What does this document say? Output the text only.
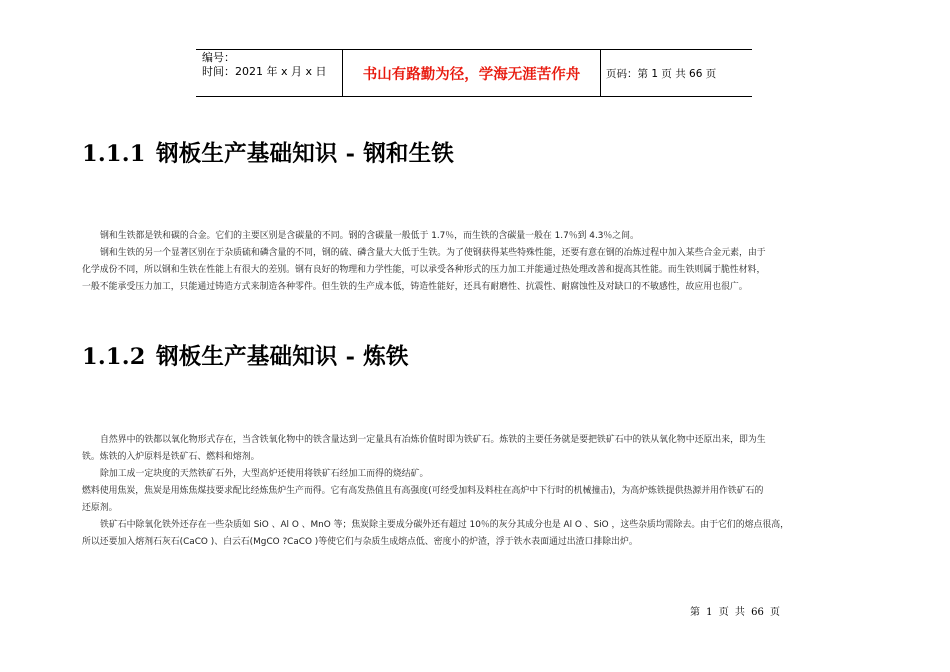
编号：
时间：2021 年 x 月 x 日	书山有路勤为径，学海无涯苦作舟	页码：第 1 页 共 66 页
1.1.1 钢板生产基础知识 - 钢和生铁

钢和生铁都是铁和碳的合金。它们的主要区别是含碳量的不同。钢的含碳量一般低于 1.7％，而生铁的含碳量一般在 1.7％到 4.3％之间。

钢和生铁的另一个显著区别在于杂质硫和磷含量的不同，钢的硫、磷含量大大低于生铁。为了使钢获得某些特殊性能，还要有意在钢的冶炼过程中加入某些合金元素，由于

化学成份不同，所以钢和生铁在性能上有很大的差别。钢有良好的物理和力学性能，可以承受各种形式的压力加工并能通过热处理改善和提高其性能。而生铁则属于脆性材料，

一般不能承受压力加工，只能通过铸造方式来制造各种零件。但生铁的生产成本低，铸造性能好，还具有耐磨性、抗震性、耐腐蚀性及对缺口的不敏感性，故应用也很广。

1.1.2 钢板生产基础知识 - 炼铁

自然界中的铁都以氧化物形式存在，当含铁氧化物中的铁含量达到一定量具有冶炼价值时即为铁矿石。炼铁的主要任务就是要把铁矿石中的铁从氧化物中还原出来，即为生

铁。炼铁的入炉原料是铁矿石、燃料和熔剂。

除加工成一定块度的天然铁矿石外，大型高炉还使用将铁矿石经加工而得的烧结矿。

燃料使用焦炭，焦炭是用炼焦煤技要求配比经炼焦炉生产而得。它有高发热值且有高强度(可经受加料及料柱在高炉中下行时的机械撞击)，为高炉炼铁提供热源并用作铁矿石的

还原剂。

铁矿石中除氧化铁外还存在一些杂质如 SiO 、Al O 、MnO 等；焦炭除主要成分碳外还有超过 10％的灰分其成分也是 Al O 、SiO ，这些杂质均需除去。由于它们的熔点很高，

所以还要加入熔剂石灰石(CaCO )、白云石(MgCO ?CaCO )等使它们与杂质生成熔点低、密度小的炉渣，浮于铁水表面通过出渣口排除出炉。

第 1 页 共 66 页
